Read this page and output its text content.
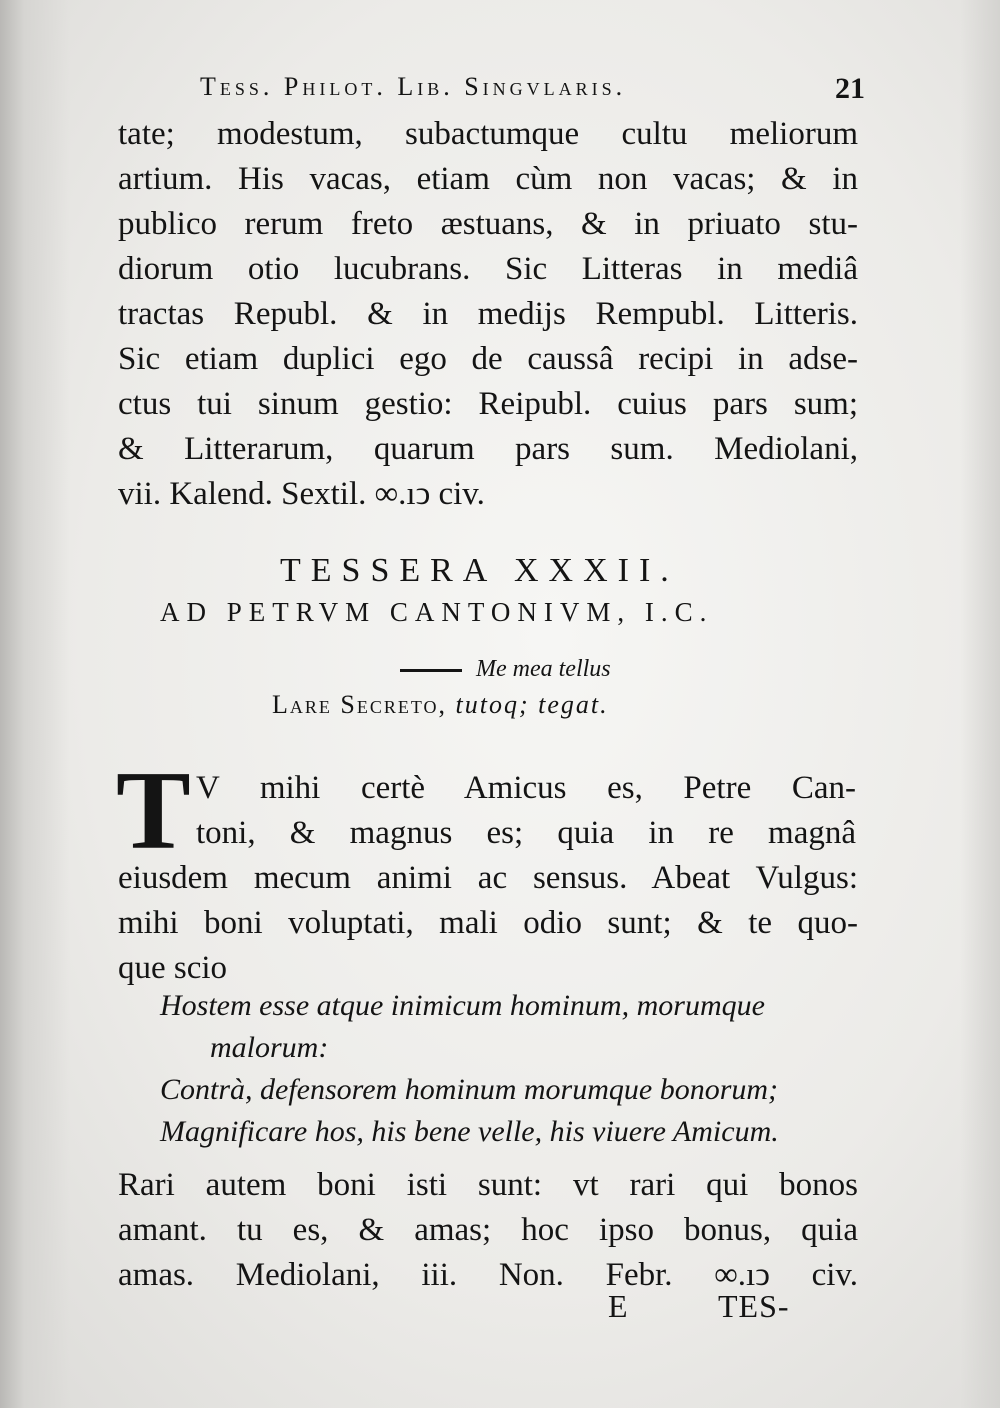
Tess. Philot. Lib. Singvlaris.	21
tate; modestum, subactumque cultu meliorum
artium. His vacas, etiam cùm non vacas; & in
publico rerum freto æstuans, & in priuato stu-
diorum otio lucubrans. Sic Litteras in mediâ
tractas Republ. & in medijs Rempubl. Litteris.
Sic etiam duplici ego de caussâ recipi in adse-
ctus tui sinum gestio: Reipubl. cuius pars sum;
& Litterarum, quarum pars sum. Mediolani,
vii. Kalend. Sextil. ∞.ıↄ civ.
TESSERA XXXII.
AD PETRVM CANTONIVM, I.C.
Me mea tellus
Lare Secreto, tutoq; tegat.
T V mihi certè Amicus es, Petre Can-
toni, & magnus es; quia in re magnâ
eiusdem mecum animi ac sensus. Abeat Vulgus:
mihi boni voluptati, mali odio sunt; & te quo-
que scio
Hostem esse atque inimicum hominum, morumque
malorum:
Contrà, defensorem hominum morumque bonorum;
Magnificare hos, his bene velle, his viuere Amicum.
Rari autem boni isti sunt: vt rari qui bonos
amant. tu es, & amas; hoc ipso bonus, quia
amas. Mediolani, iii. Non. Febr. ∞.ıↄ civ.
E	TES-
